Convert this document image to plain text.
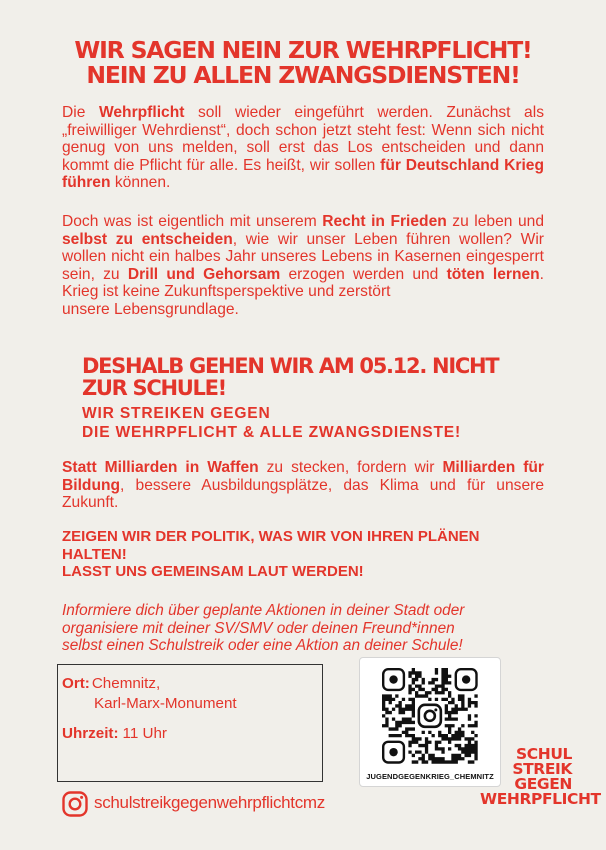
WIR SAGEN NEIN ZUR WEHRPFLICHT!
NEIN ZU ALLEN ZWANGSDIENSTEN!
Die Wehrpflicht soll wieder eingeführt werden. Zunächst als „freiwilliger Wehrdienst“, doch schon jetzt steht fest: Wenn sich nicht genug von uns melden, soll erst das Los entscheiden und dann kommt die Pflicht für alle. Es heißt, wir sollen für Deutschland Krieg führen können.
Doch was ist eigentlich mit unserem Recht in Frieden zu leben und selbst zu entscheiden, wie wir unser Leben führen wollen? Wir wollen nicht ein halbes Jahr unseres Lebens in Kasernen eingesperrt sein, zu Drill und Gehorsam erzogen werden und töten lernen. Krieg ist keine Zukunftsperspektive und zerstört
unsere Lebensgrundlage.
DESHALB GEHEN WIR AM 05.12. NICHT
ZUR SCHULE!
WIR STREIKEN GEGEN
DIE WEHRPFLICHT & ALLE ZWANGSDIENSTE!
Statt Milliarden in Waffen zu stecken, fordern wir Milliarden für Bildung, bessere Ausbildungsplätze, das Klima und für unsere Zukunft.
ZEIGEN WIR DER POLITIK, WAS WIR VON IHREN PLÄNEN
HALTEN!
LASST UNS GEMEINSAM LAUT WERDEN!
Informiere dich über geplante Aktionen in deiner Stadt oder
organisiere mit deiner SV/SMV oder deinen Freund*innen
selbst einen Schulstreik oder eine Aktion an deiner Schule!
Ort: Chemnitz,
Karl-Marx-Monument
Uhrzeit: 11 Uhr
JUGENDGEGENKRIEG_CHEMNITZ
SCHUL
STREIK
GEGEN
WEHRPFLICHT
schulstreikgegenwehrpflichtcmz
